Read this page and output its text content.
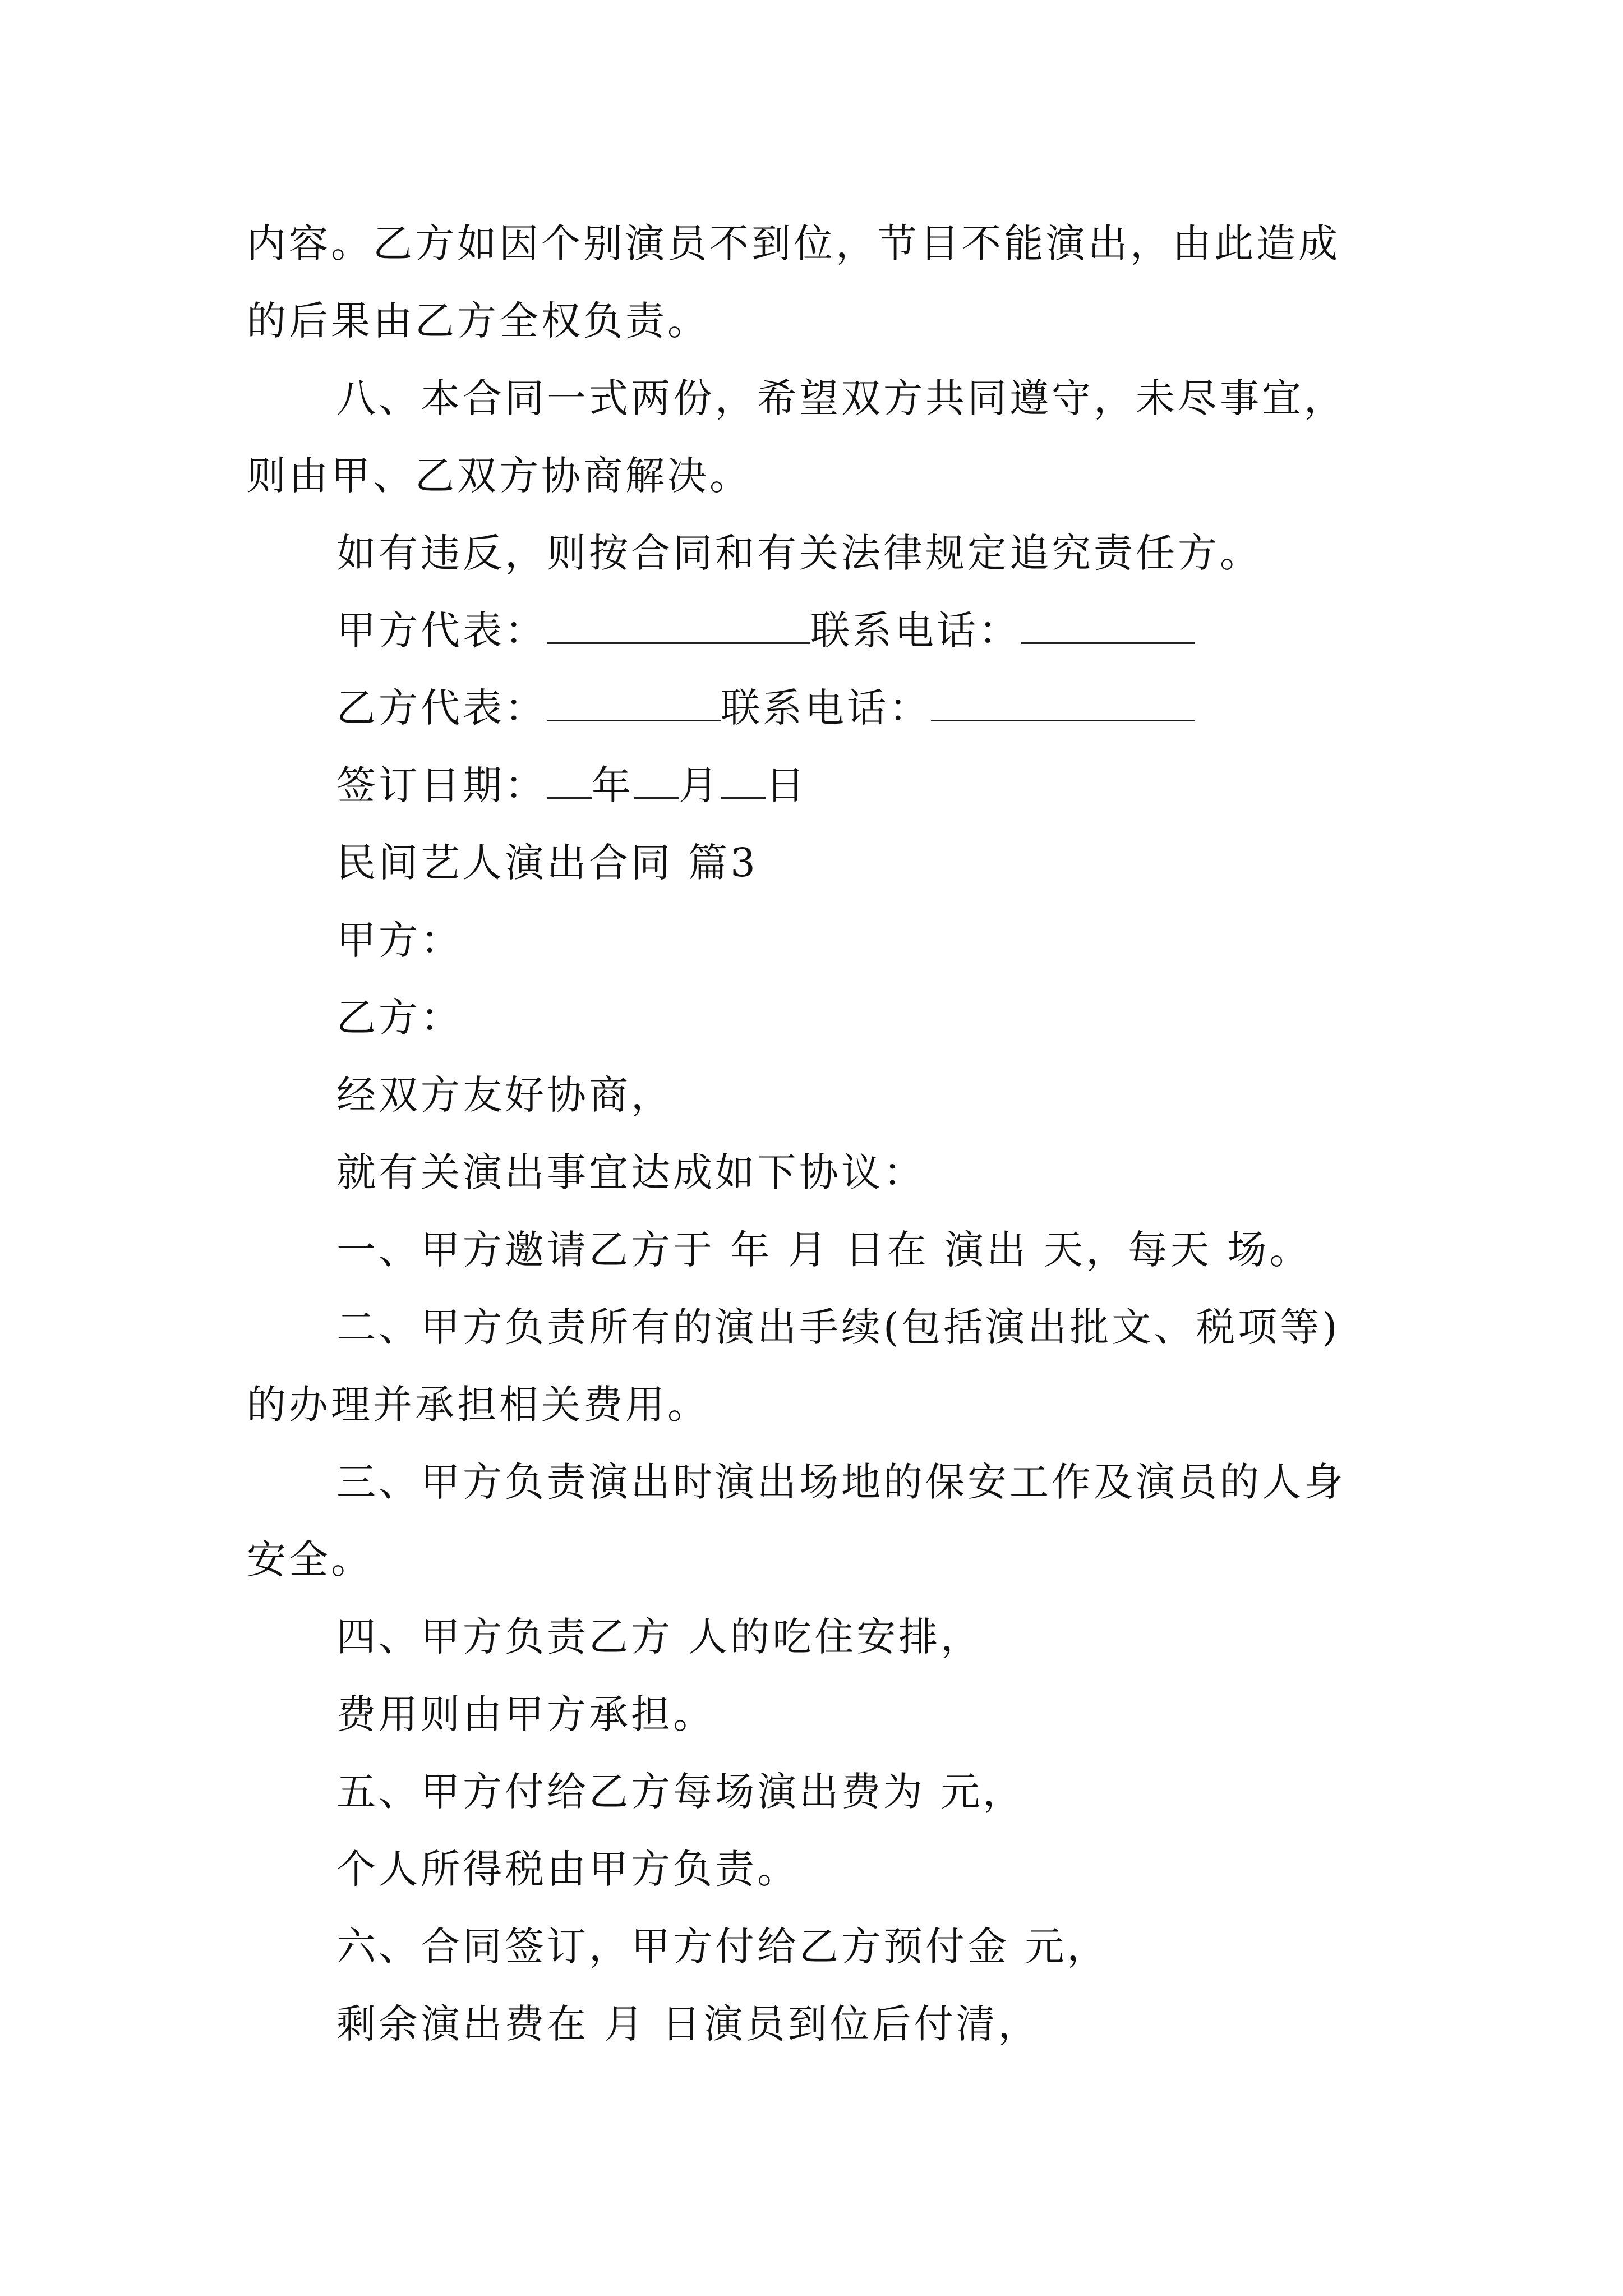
内容。乙方如因个别演员不到位，节目不能演出，由此造成
的后果由乙方全权负责。
八、本合同一式两份，希望双方共同遵守，未尽事宜，
则由甲、乙双方协商解决。
如有违反，则按合同和有关法律规定追究责任方。
甲方代表：	联系电话：
乙方代表：	联系电话：
签订日期： 年 月 日
民间艺人演出合同 篇3
甲方：
乙方：
经双方友好协商，
就有关演出事宜达成如下协议：
一、甲方邀请乙方于 年 月 日在 演出 天，每天 场。
二、甲方负责所有的演出手续(包括演出批文、税项等)
的办理并承担相关费用。
三、甲方负责演出时演出场地的保安工作及演员的人身
安全。
四、甲方负责乙方 人的吃住安排，
费用则由甲方承担。
五、甲方付给乙方每场演出费为 元，
个人所得税由甲方负责。
六、合同签订，甲方付给乙方预付金 元，
剩余演出费在 月 日演员到位后付清，
